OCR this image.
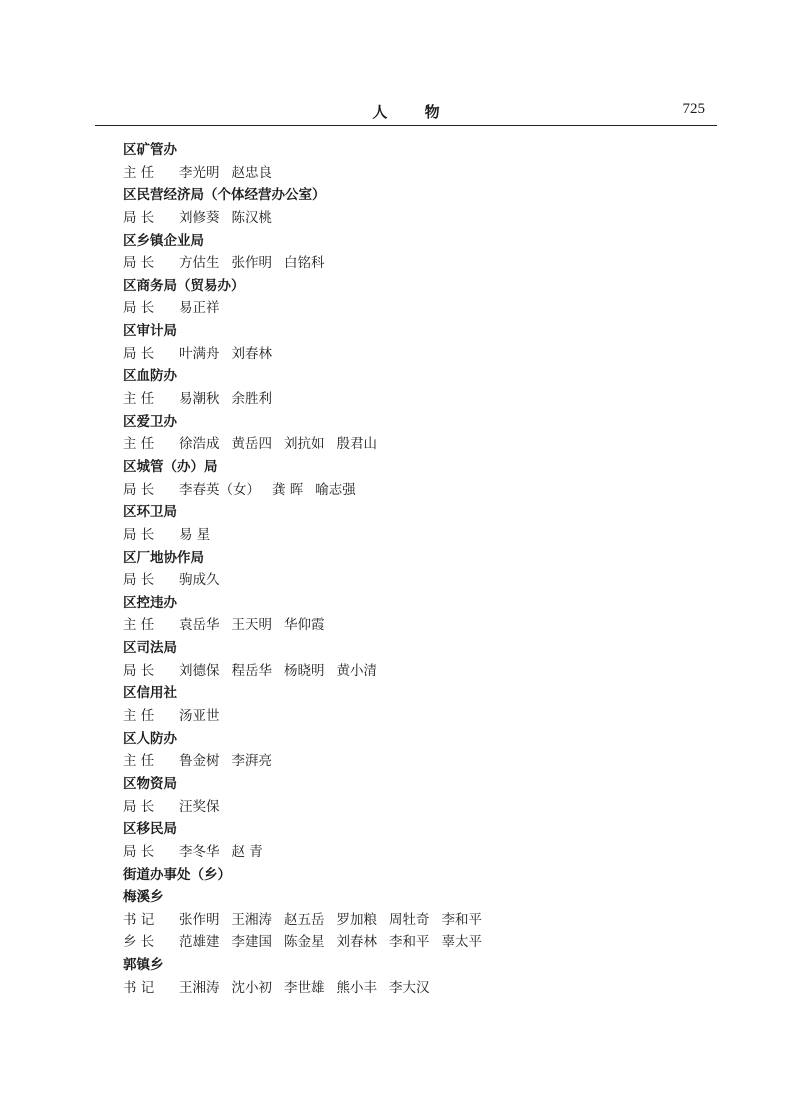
人 物	725
区矿管办
主 任 李光明 赵忠良
区民营经济局（个体经营办公室）
局 长 刘修葵 陈汉桃
区乡镇企业局
局 长 方估生 张作明 白铭科
区商务局（贸易办）
局 长 易正祥
区审计局
局 长 叶满舟 刘春林
区血防办
主 任 易潮秋 余胜利
区爱卫办
主 任 徐浩成 黄岳四 刘抗如 殷君山
区城管（办）局
局 长 李春英（女） 龚 晖 喻志强
区环卫局
局 长 易 星
区厂地协作局
局 长 驹成久
区控违办
主 任 袁岳华 王天明 华仰霞
区司法局
局 长 刘德保 程岳华 杨晓明 黄小清
区信用社
主 任 汤亚世
区人防办
主 任 鲁金树 李湃亮
区物资局
局 长 汪奖保
区移民局
局 长 李冬华 赵 青
街道办事处（乡）
梅溪乡
书 记 张作明 王湘涛 赵五岳 罗加粮 周牡奇 李和平
乡 长 范雄建 李建国 陈金星 刘春林 李和平 辜太平
郭镇乡
书 记 王湘涛 沈小初 李世雄 熊小丰 李大汉
